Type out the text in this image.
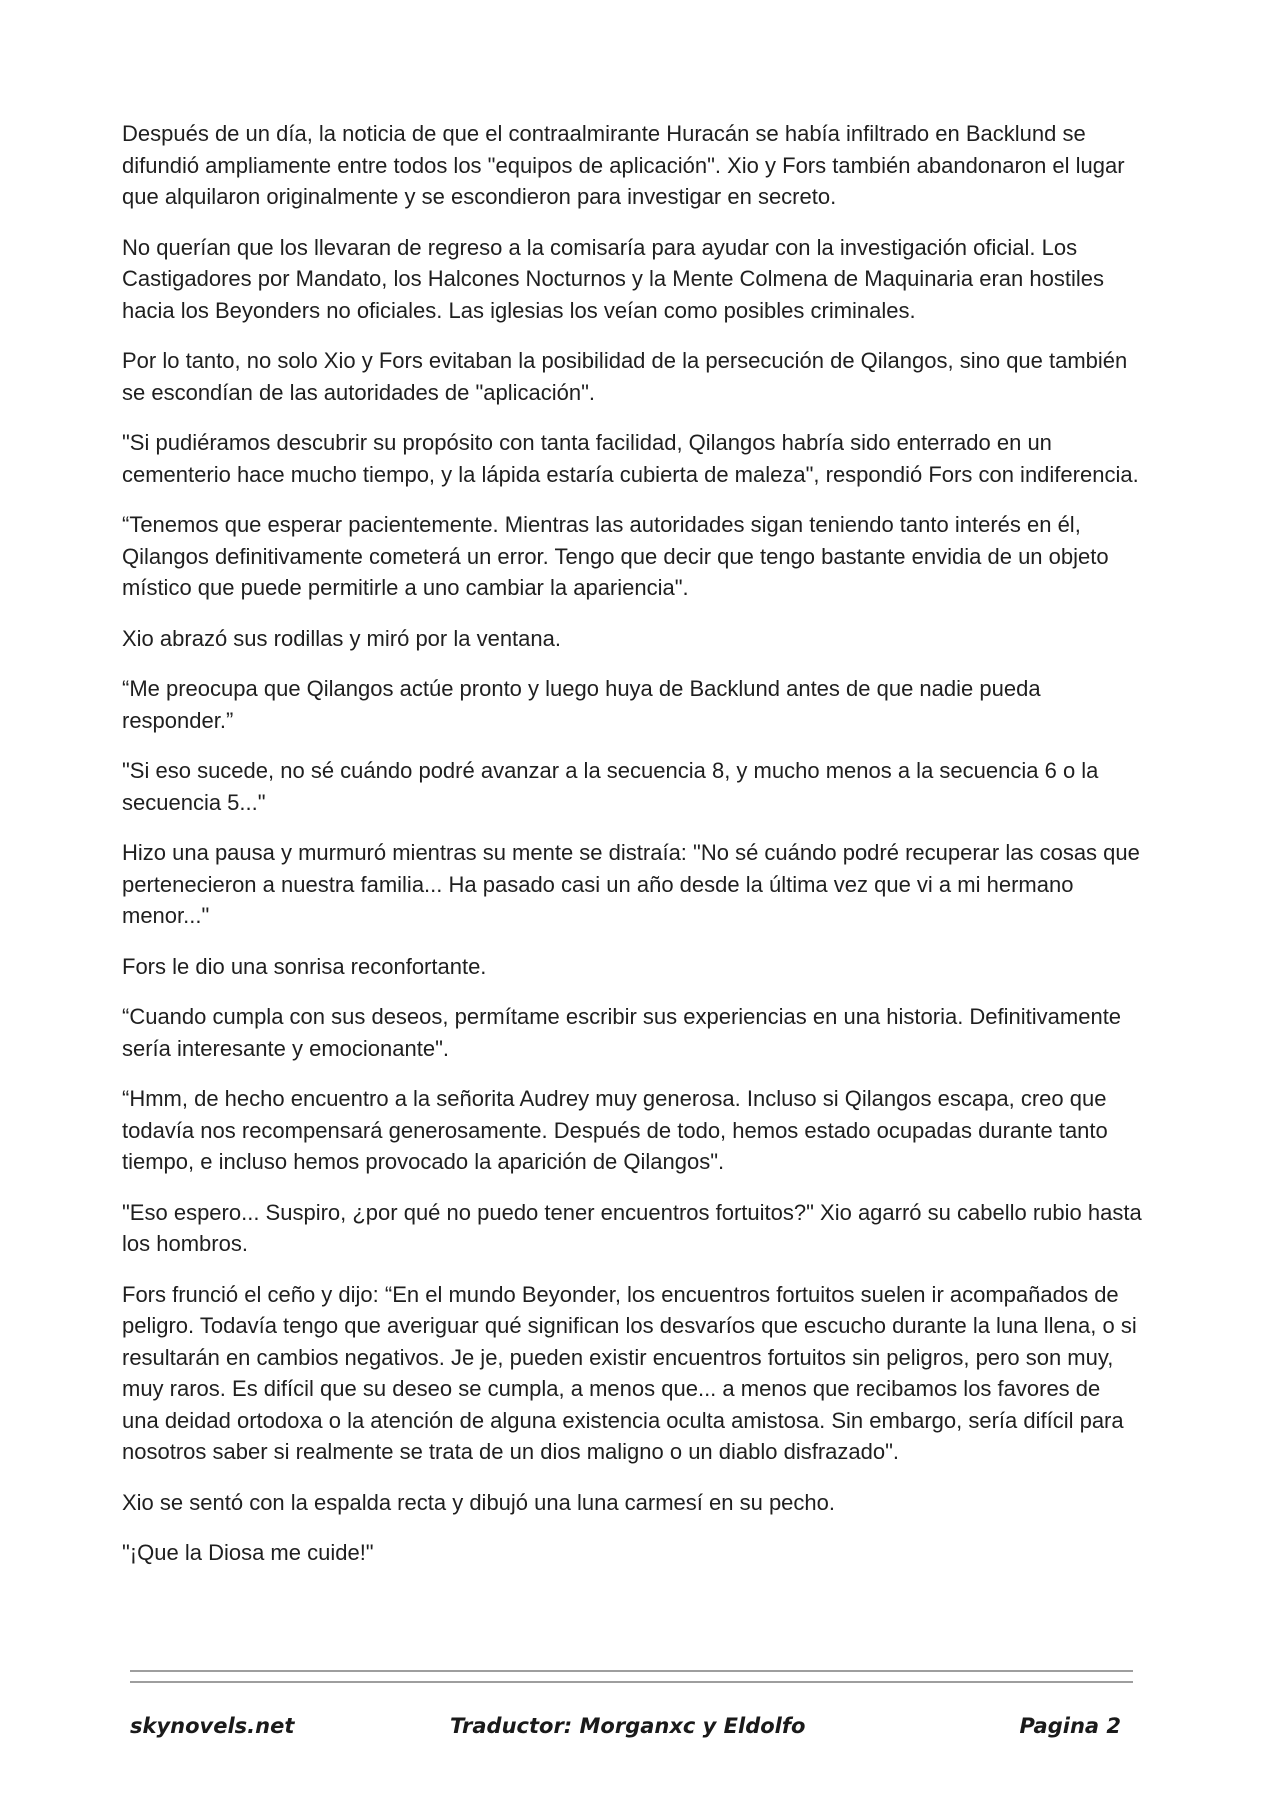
Después de un día, la noticia de que el contraalmirante Huracán se había infiltrado en Backlund se difundió ampliamente entre todos los "equipos de aplicación". Xio y Fors también abandonaron el lugar que alquilaron originalmente y se escondieron para investigar en secreto.

No querían que los llevaran de regreso a la comisaría para ayudar con la investigación oficial. Los Castigadores por Mandato, los Halcones Nocturnos y la Mente Colmena de Maquinaria eran hostiles hacia los Beyonders no oficiales. Las iglesias los veían como posibles criminales.

Por lo tanto, no solo Xio y Fors evitaban la posibilidad de la persecución de Qilangos, sino que también se escondían de las autoridades de "aplicación".

"Si pudiéramos descubrir su propósito con tanta facilidad, Qilangos habría sido enterrado en un cementerio hace mucho tiempo, y la lápida estaría cubierta de maleza", respondió Fors con indiferencia.

“Tenemos que esperar pacientemente. Mientras las autoridades sigan teniendo tanto interés en él, Qilangos definitivamente cometerá un error. Tengo que decir que tengo bastante envidia de un objeto místico que puede permitirle a uno cambiar la apariencia".

Xio abrazó sus rodillas y miró por la ventana.

“Me preocupa que Qilangos actúe pronto y luego huya de Backlund antes de que nadie pueda responder.”

"Si eso sucede, no sé cuándo podré avanzar a la secuencia 8, y mucho menos a la secuencia 6 o la secuencia 5..."

Hizo una pausa y murmuró mientras su mente se distraía: "No sé cuándo podré recuperar las cosas que pertenecieron a nuestra familia... Ha pasado casi un año desde la última vez que vi a mi hermano menor..."

Fors le dio una sonrisa reconfortante.

“Cuando cumpla con sus deseos, permítame escribir sus experiencias en una historia. Definitivamente sería interesante y emocionante".

“Hmm, de hecho encuentro a la señorita Audrey muy generosa. Incluso si Qilangos escapa, creo que todavía nos recompensará generosamente. Después de todo, hemos estado ocupadas durante tanto tiempo, e incluso hemos provocado la aparición de Qilangos".

"Eso espero... Suspiro, ¿por qué no puedo tener encuentros fortuitos?" Xio agarró su cabello rubio hasta los hombros.

Fors frunció el ceño y dijo: “En el mundo Beyonder, los encuentros fortuitos suelen ir acompañados de peligro. Todavía tengo que averiguar qué significan los desvaríos que escucho durante la luna llena, o si resultarán en cambios negativos. Je je, pueden existir encuentros fortuitos sin peligros, pero son muy, muy raros. Es difícil que su deseo se cumpla, a menos que... a menos que recibamos los favores de una deidad ortodoxa o la atención de alguna existencia oculta amistosa. Sin embargo, sería difícil para nosotros saber si realmente se trata de un dios maligno o un diablo disfrazado".

Xio se sentó con la espalda recta y dibujó una luna carmesí en su pecho.

"¡Que la Diosa me cuide!"

skynovels.net	Traductor: Morganxc y Eldolfo	Pagina 2
